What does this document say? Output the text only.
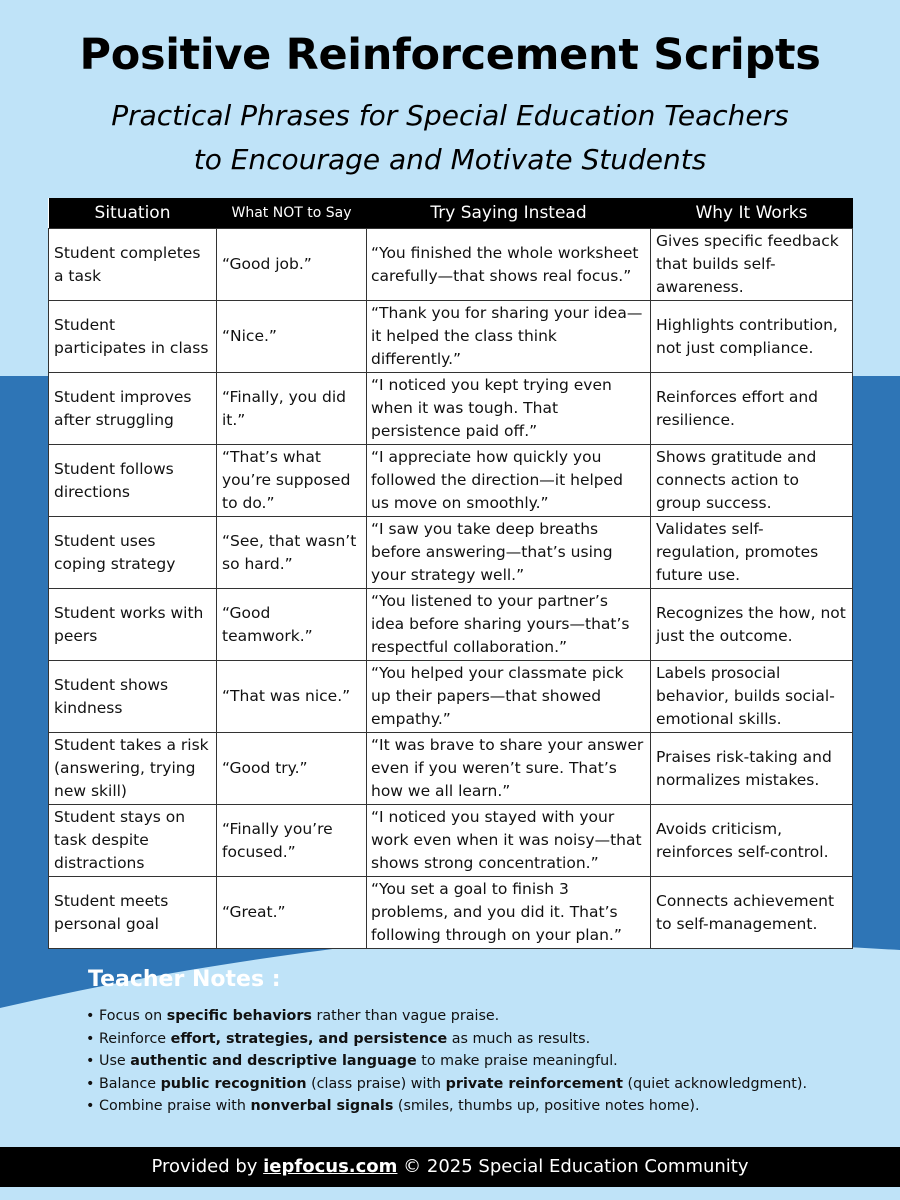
Positive Reinforcement Scripts
Practical Phrases for Special Education Teachers
to Encourage and Motivate Students
Situation	What NOT to Say	Try Saying Instead	Why It Works
Student completes a task	“Good job.”	“You finished the whole worksheet carefully—that shows real focus.”	Gives specific feedback that builds self-awareness.
Student participates in class	“Nice.”	“Thank you for sharing your idea—it helped the class think differently.”	Highlights contribution, not just compliance.
Student improves after struggling	“Finally, you did it.”	“I noticed you kept trying even when it was tough. That persistence paid off.”	Reinforces effort and resilience.
Student follows directions	“That’s what you’re supposed to do.”	“I appreciate how quickly you followed the direction—it helped us move on smoothly.”	Shows gratitude and connects action to group success.
Student uses coping strategy	“See, that wasn’t so hard.”	“I saw you take deep breaths before answering—that’s using your strategy well.”	Validates self-regulation, promotes future use.
Student works with peers	“Good teamwork.”	“You listened to your partner’s idea before sharing yours—that’s respectful collaboration.”	Recognizes the how, not just the outcome.
Student shows kindness	“That was nice.”	“You helped your classmate pick up their papers—that showed empathy.”	Labels prosocial behavior, builds social-emotional skills.
Student takes a risk (answering, trying new skill)	“Good try.”	“It was brave to share your answer even if you weren’t sure. That’s how we all learn.”	Praises risk-taking and normalizes mistakes.
Student stays on task despite distractions	“Finally you’re focused.”	“I noticed you stayed with your work even when it was noisy—that shows strong concentration.”	Avoids criticism, reinforces self-control.
Student meets personal goal	“Great.”	“You set a goal to finish 3 problems, and you did it. That’s following through on your plan.”	Connects achievement to self-management.
Teacher Notes :
• Focus on specific behaviors rather than vague praise.
• Reinforce effort, strategies, and persistence as much as results.
• Use authentic and descriptive language to make praise meaningful.
• Balance public recognition (class praise) with private reinforcement (quiet acknowledgment).
• Combine praise with nonverbal signals (smiles, thumbs up, positive notes home).
Provided by iepfocus.com © 2025 Special Education Community
